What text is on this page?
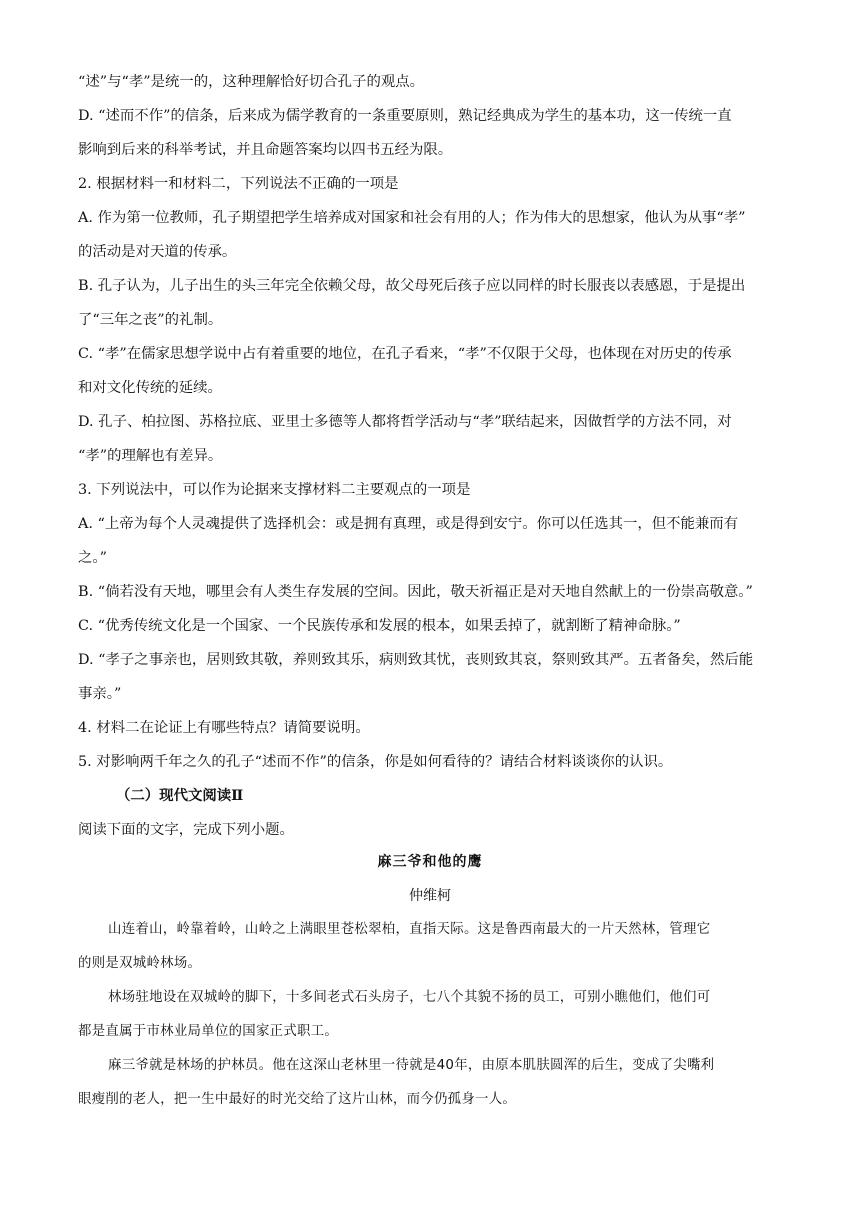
“述”与“孝”是统一的，这种理解恰好切合孔子的观点。
D. “述而不作”的信条，后来成为儒学教育的一条重要原则，熟记经典成为学生的基本功，这一传统一直
影响到后来的科举考试，并且命题答案均以四书五经为限。
2. 根据材料一和材料二，下列说法不正确的一项是
A. 作为第一位教师，孔子期望把学生培养成对国家和社会有用的人；作为伟大的思想家，他认为从事“孝”
的活动是对天道的传承。
B. 孔子认为，儿子出生的头三年完全依赖父母，故父母死后孩子应以同样的时长服丧以表感恩，于是提出
了“三年之丧”的礼制。
C. “孝”在儒家思想学说中占有着重要的地位，在孔子看来，“孝”不仅限于父母，也体现在对历史的传承
和对文化传统的延续。
D. 孔子、柏拉图、苏格拉底、亚里士多德等人都将哲学活动与“孝”联结起来，因做哲学的方法不同，对
“孝”的理解也有差异。
3. 下列说法中，可以作为论据来支撑材料二主要观点的一项是
A. “上帝为每个人灵魂提供了选择机会：或是拥有真理，或是得到安宁。你可以任选其一，但不能兼而有
之。”
B. “倘若没有天地，哪里会有人类生存发展的空间。因此，敬天祈福正是对天地自然献上的一份崇高敬意。”
C. “优秀传统文化是一个国家、一个民族传承和发展的根本，如果丢掉了，就割断了精神命脉。”
D. “孝子之事亲也，居则致其敬，养则致其乐，病则致其忧，丧则致其哀，祭则致其严。五者备矣，然后能
事亲。”
4. 材料二在论证上有哪些特点？请简要说明。
5. 对影响两千年之久的孔子“述而不作”的信条，你是如何看待的？请结合材料谈谈你的认识。
（二）现代文阅读Ⅱ
阅读下面的文字，完成下列小题。
麻三爷和他的鹰
仲维柯
山连着山，岭靠着岭，山岭之上满眼里苍松翠柏，直指天际。这是鲁西南最大的一片天然林，管理它
的则是双城岭林场。
林场驻地设在双城岭的脚下，十多间老式石头房子，七八个其貌不扬的员工，可别小瞧他们，他们可
都是直属于市林业局单位的国家正式职工。
麻三爷就是林场的护林员。他在这深山老林里一待就是40年，由原本肌肤圆浑的后生，变成了尖嘴利
眼瘦削的老人，把一生中最好的时光交给了这片山林，而今仍孤身一人。
